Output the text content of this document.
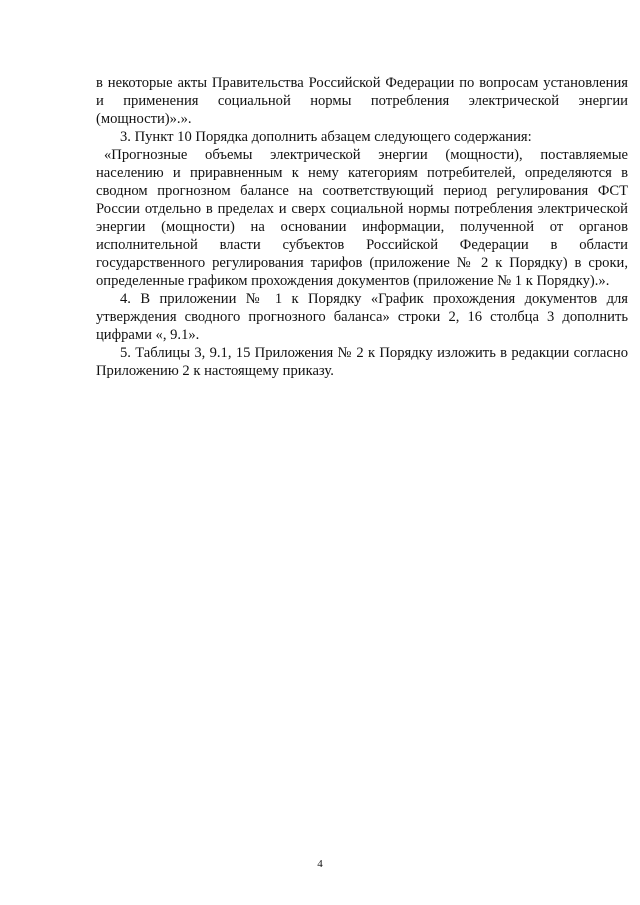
в некоторые акты Правительства Российской Федерации по вопросам установления и применения социальной нормы потребления электрической энергии (мощности)».».

3. Пункт 10 Порядка дополнить абзацем следующего содержания:

«Прогнозные объемы электрической энергии (мощности), поставляемые населению и приравненным к нему категориям потребителей, определяются в сводном прогнозном балансе на соответствующий период регулирования ФСТ России отдельно в пределах и сверх социальной нормы потребления электрической энергии (мощности) на основании информации, полученной от органов исполнительной власти субъектов Российской Федерации в области государственного регулирования тарифов (приложение № 2 к Порядку) в сроки, определенные графиком прохождения документов (приложение № 1 к Порядку).».

4. В приложении № 1 к Порядку «График прохождения документов для утверждения сводного прогнозного баланса» строки 2, 16 столбца 3 дополнить цифрами «, 9.1».

5. Таблицы 3, 9.1, 15 Приложения № 2 к Порядку изложить в редакции согласно Приложению 2 к настоящему приказу.

4
